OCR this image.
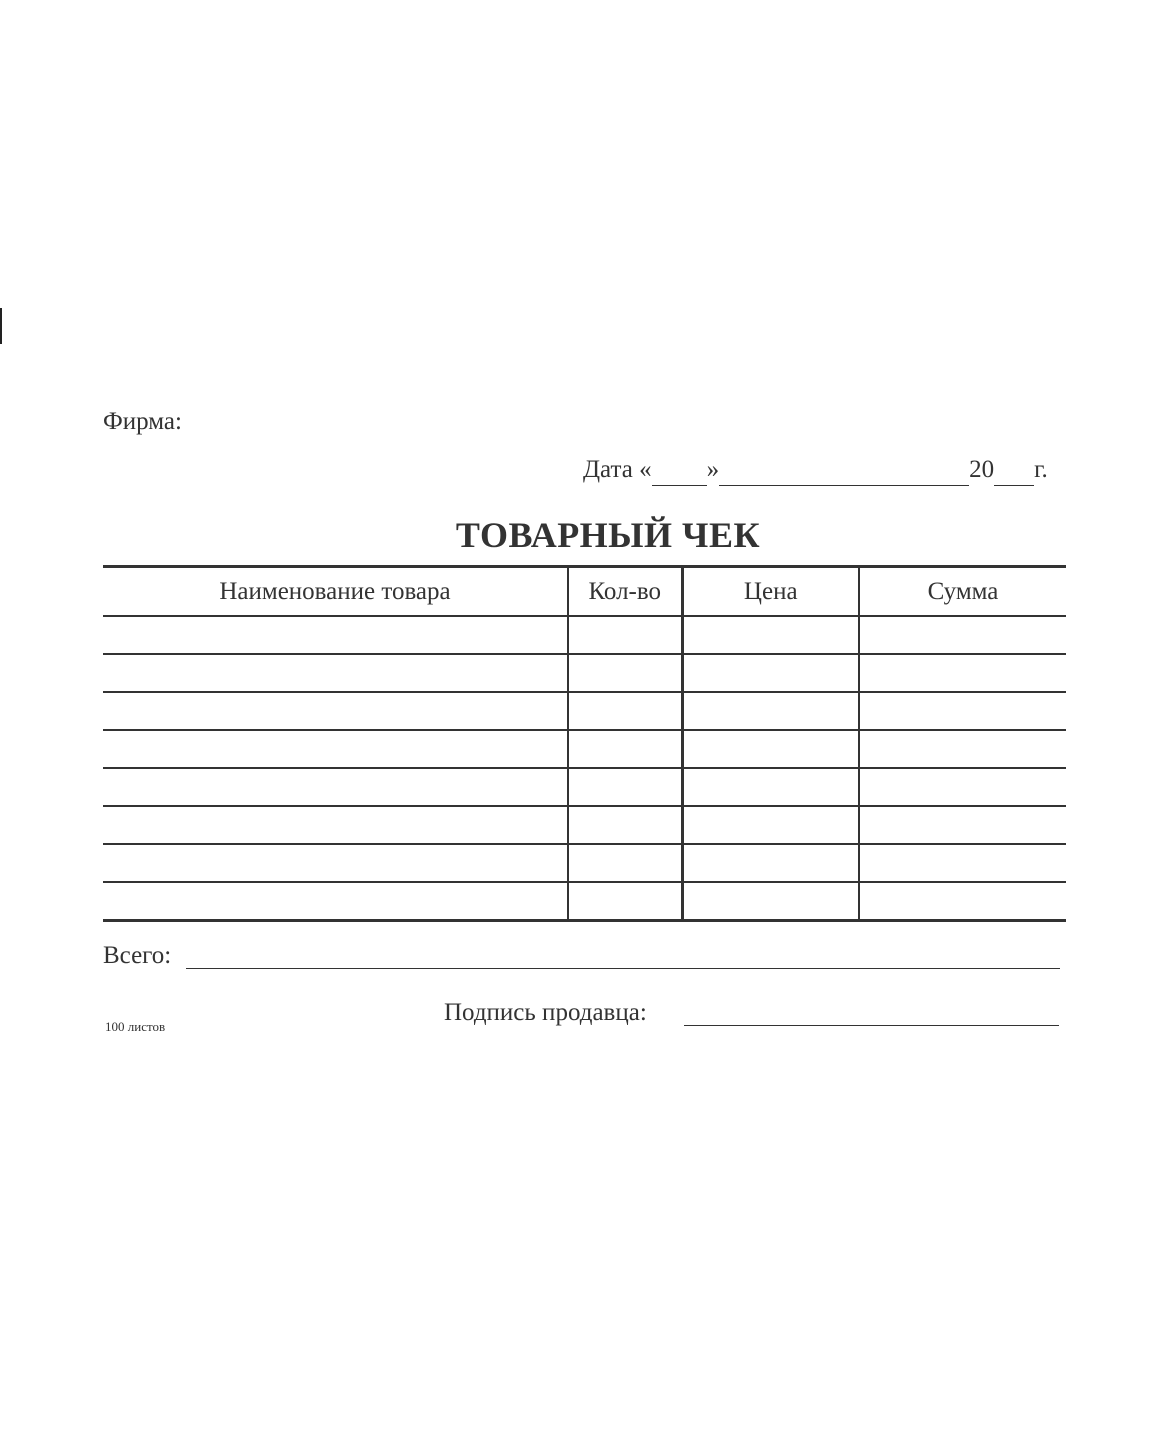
Фирма:
Дата « »	20 г.
ТОВАРНЫЙ ЧЕК
Наименование товара	Кол-во	Цена	Сумма

Всего:
100 листов
Подпись продавца:
